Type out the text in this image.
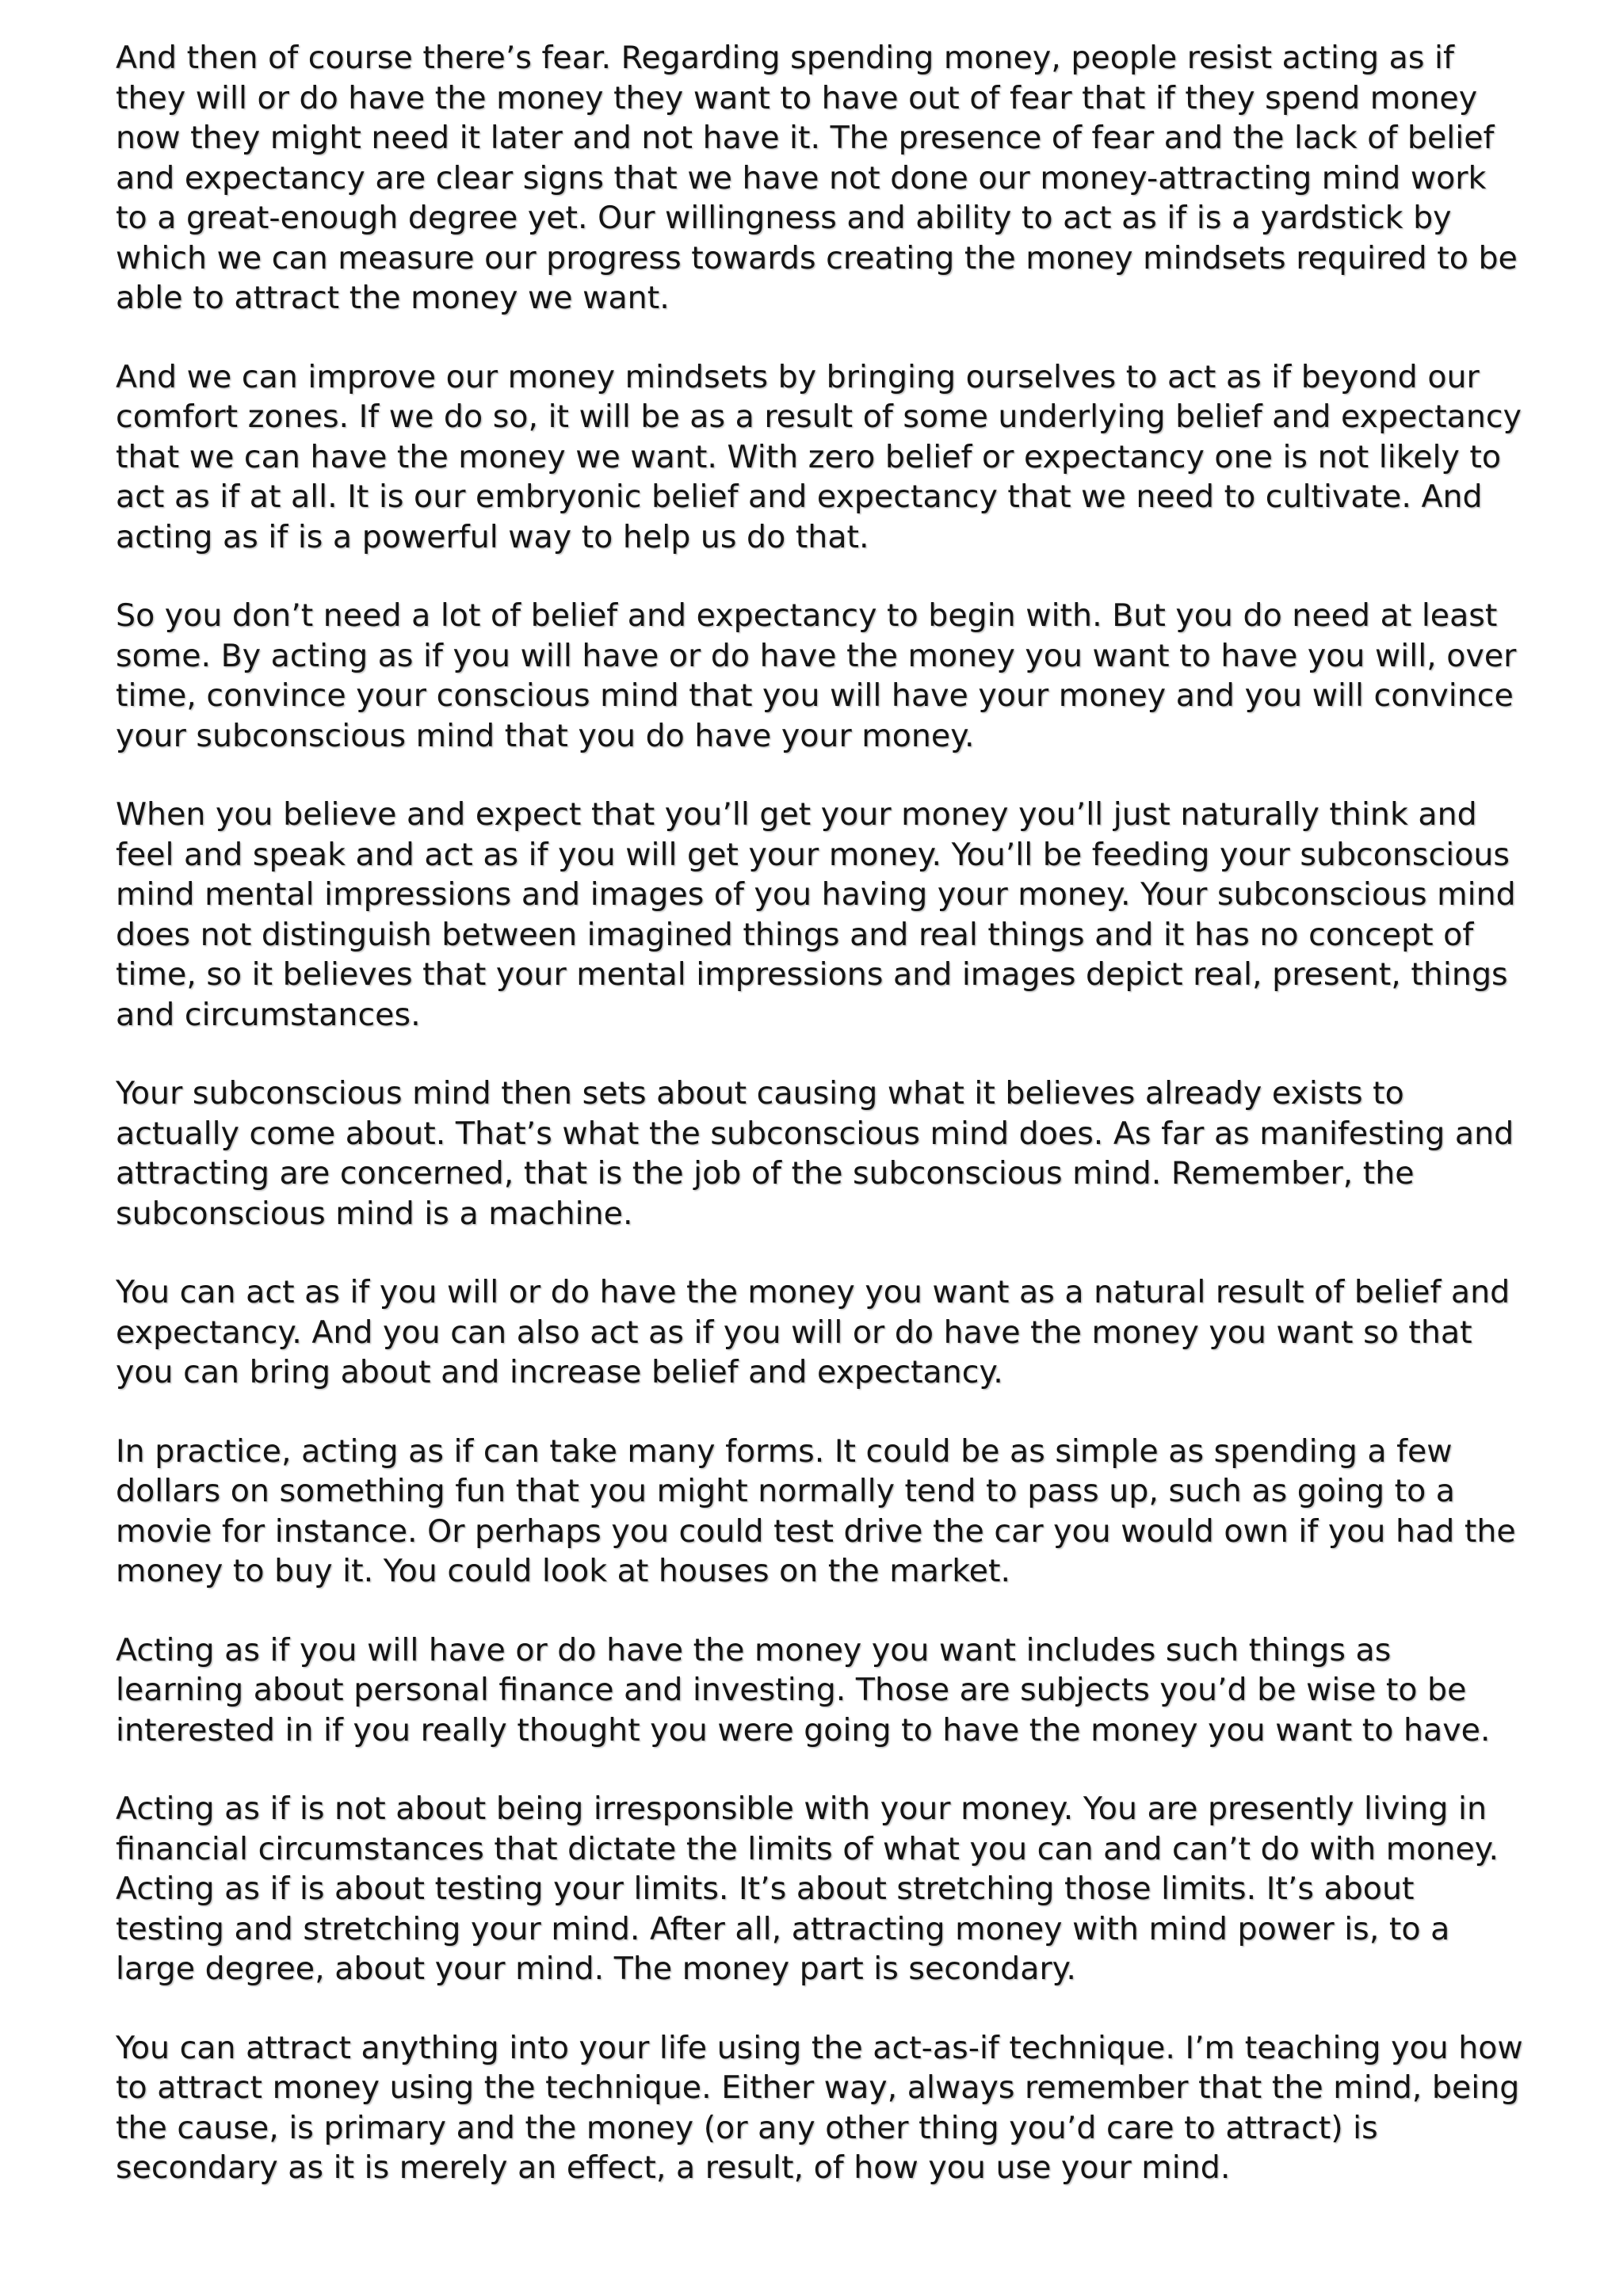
And then of course there’s fear. Regarding spending money, people resist acting as if they will or do have the money they want to have out of fear that if they spend money now they might need it later and not have it. The presence of fear and the lack of belief and expectancy are clear signs that we have not done our money-attracting mind work to a great-enough degree yet. Our willingness and ability to act as if is a yardstick by which we can measure our progress towards creating the money mindsets required to be able to attract the money we want.

And we can improve our money mindsets by bringing ourselves to act as if beyond our comfort zones. If we do so, it will be as a result of some underlying belief and expectancy that we can have the money we want. With zero belief or expectancy one is not likely to act as if at all. It is our embryonic belief and expectancy that we need to cultivate. And acting as if is a powerful way to help us do that.

So you don’t need a lot of belief and expectancy to begin with. But you do need at least some. By acting as if you will have or do have the money you want to have you will, over time, convince your conscious mind that you will have your money and you will convince your subconscious mind that you do have your money.

When you believe and expect that you’ll get your money you’ll just naturally think and feel and speak and act as if you will get your money. You’ll be feeding your subconscious mind mental impressions and images of you having your money. Your subconscious mind does not distinguish between imagined things and real things and it has no concept of time, so it believes that your mental impressions and images depict real, present, things and circumstances.

Your subconscious mind then sets about causing what it believes already exists to actually come about. That’s what the subconscious mind does. As far as manifesting and attracting are concerned, that is the job of the subconscious mind. Remember, the subconscious mind is a machine.

You can act as if you will or do have the money you want as a natural result of belief and expectancy. And you can also act as if you will or do have the money you want so that you can bring about and increase belief and expectancy.

In practice, acting as if can take many forms. It could be as simple as spending a few dollars on something fun that you might normally tend to pass up, such as going to a movie for instance. Or perhaps you could test drive the car you would own if you had the money to buy it. You could look at houses on the market.

Acting as if you will have or do have the money you want includes such things as learning about personal finance and investing. Those are subjects you’d be wise to be interested in if you really thought you were going to have the money you want to have.

Acting as if is not about being irresponsible with your money. You are presently living in financial circumstances that dictate the limits of what you can and can’t do with money. Acting as if is about testing your limits. It’s about stretching those limits. It’s about testing and stretching your mind. After all, attracting money with mind power is, to a large degree, about your mind. The money part is secondary.

You can attract anything into your life using the act-as-if technique. I’m teaching you how to attract money using the technique. Either way, always remember that the mind, being the cause, is primary and the money (or any other thing you’d care to attract) is secondary as it is merely an effect, a result, of how you use your mind.
